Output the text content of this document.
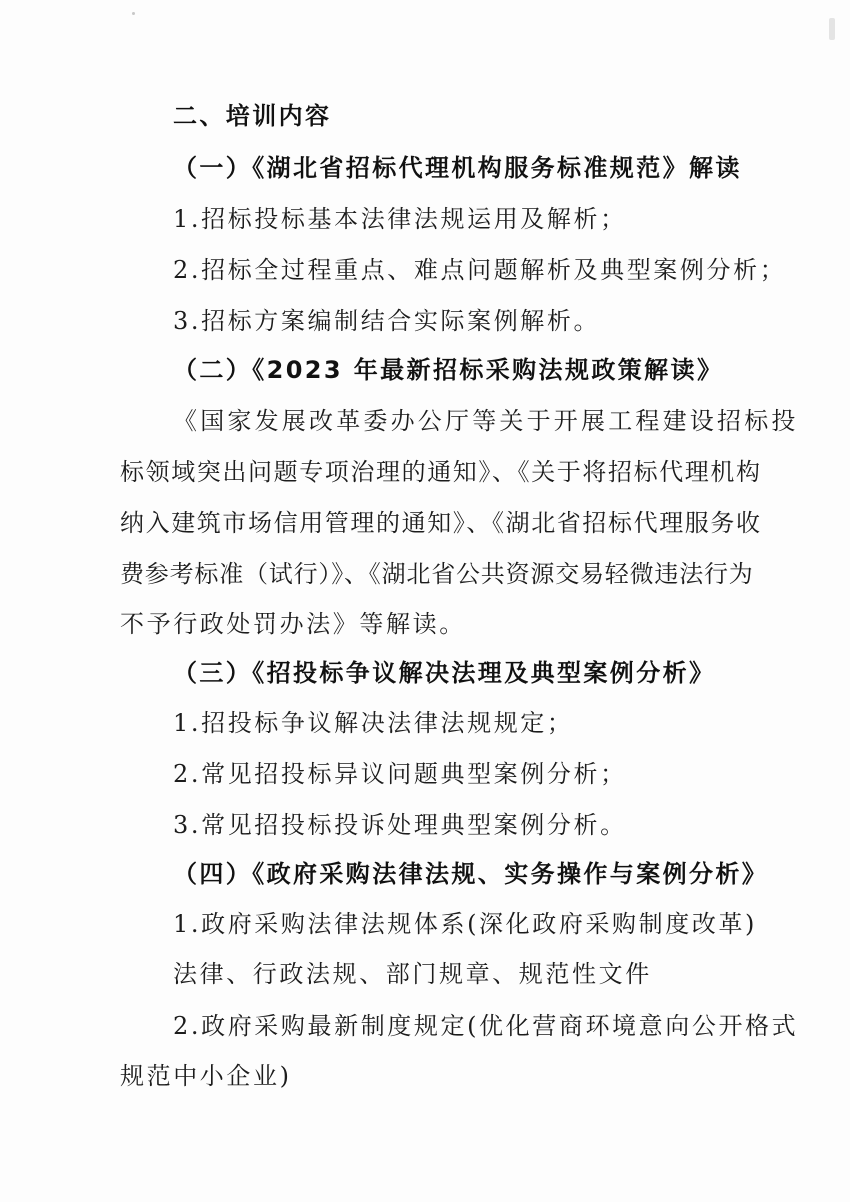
二、培训内容
（一）《湖北省招标代理机构服务标准规范》解读
1.招标投标基本法律法规运用及解析；
2.招标全过程重点、难点问题解析及典型案例分析；
3.招标方案编制结合实际案例解析。
（二）《2023 年最新招标采购法规政策解读》
《国家发展改革委办公厅等关于开展工程建设招标投
标领域突出问题专项治理的通知》、《关于将招标代理机构
纳入建筑市场信用管理的通知》、《湖北省招标代理服务收
费参考标准（试行）》、《湖北省公共资源交易轻微违法行为
不予行政处罚办法》等解读。
（三）《招投标争议解决法理及典型案例分析》
1.招投标争议解决法律法规规定；
2.常见招投标异议问题典型案例分析；
3.常见招投标投诉处理典型案例分析。
（四）《政府采购法律法规、实务操作与案例分析》
1.政府采购法律法规体系(深化政府采购制度改革)
法律、行政法规、部门规章、规范性文件
2.政府采购最新制度规定(优化营商环境意向公开格式
规范中小企业)
